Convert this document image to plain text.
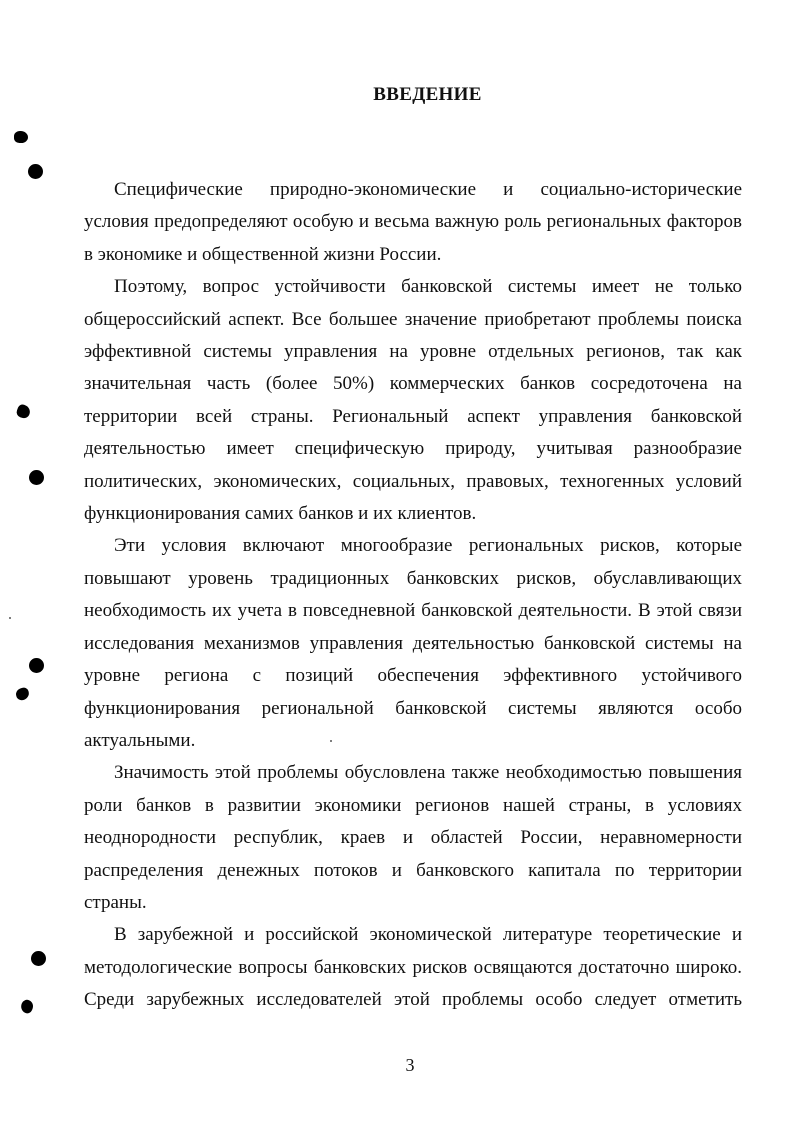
ВВЕДЕНИЕ

Специфические природно-экономические и социально-исторические условия предопределяют особую и весьма важную роль региональных факторов в экономике и общественной жизни России.

Поэтому, вопрос устойчивости банковской системы имеет не только общероссийский аспект. Все большее значение приобретают проблемы поиска эффективной системы управления на уровне отдельных регионов, так как значительная часть (более 50%) коммерческих банков сосредоточена на территории всей страны. Региональный аспект управления банковской деятельностью имеет специфическую природу, учитывая разнообразие политических, экономических, социальных, правовых, техногенных условий функционирования самих банков и их клиентов.

Эти условия включают многообразие региональных рисков, которые повышают уровень традиционных банковских рисков, обуславливающих необходимость их учета в повседневной банковской деятельности. В этой связи исследования механизмов управления деятельностью банковской системы на уровне региона с позиций обеспечения эффективного устойчивого функционирования региональной банковской системы являются особо актуальными.

Значимость этой проблемы обусловлена также необходимостью повышения роли банков в развитии экономики регионов нашей страны, в условиях неоднородности республик, краев и областей России, неравномерности распределения денежных потоков и банковского капитала по территории страны.

В зарубежной и российской экономической литературе теоретические и методологические вопросы банковских рисков освящаются достаточно широко. Среди зарубежных исследователей этой проблемы особо следует отметить

3
